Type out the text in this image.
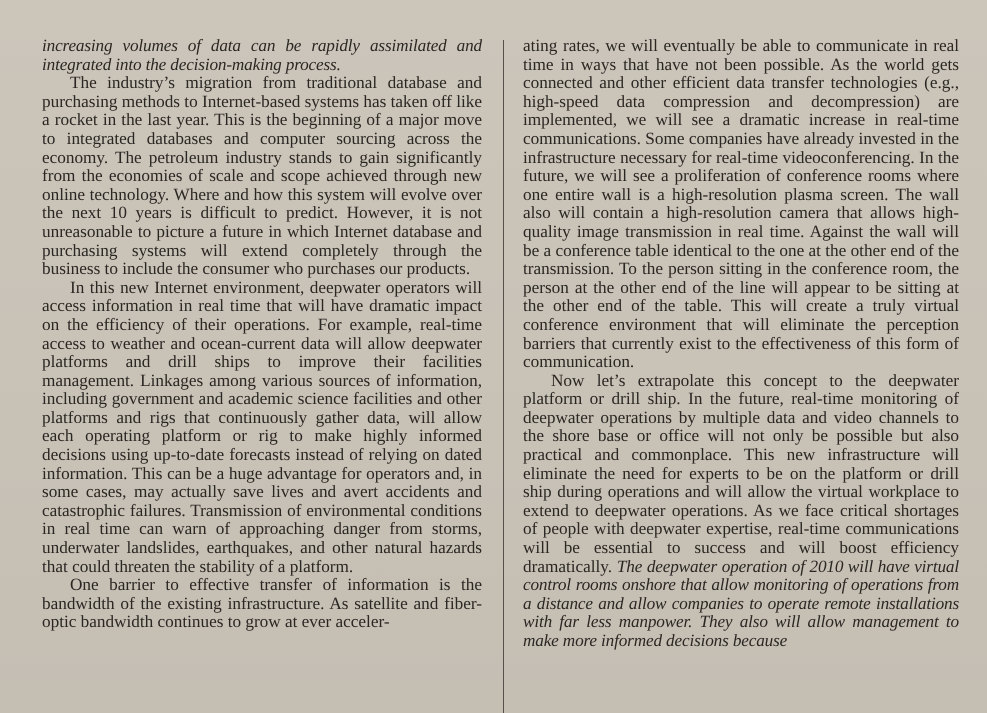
increasing volumes of data can be rapidly assimilated and integrated into the decision-making process.

The industry’s migration from traditional database and purchasing methods to Internet-based systems has taken off like a rocket in the last year. This is the beginning of a major move to integrated databases and computer sourcing across the economy. The petroleum industry stands to gain significantly from the economies of scale and scope achieved through new online technology. Where and how this system will evolve over the next 10 years is difficult to predict. However, it is not unreasonable to picture a future in which Internet database and purchasing systems will extend completely through the business to include the consumer who purchases our products.

In this new Internet environment, deepwater operators will access information in real time that will have dramatic impact on the efficiency of their operations. For example, real-time access to weather and ocean-current data will allow deepwater platforms and drill ships to improve their facilities management. Linkages among various sources of information, including government and academic science facilities and other platforms and rigs that continuously gather data, will allow each operating platform or rig to make highly informed decisions using up-to-date forecasts instead of relying on dated information. This can be a huge advantage for operators and, in some cases, may actually save lives and avert accidents and catastrophic failures. Transmission of environmental conditions in real time can warn of approaching danger from storms, underwater landslides, earthquakes, and other natural hazards that could threaten the stability of a platform.

One barrier to effective transfer of information is the bandwidth of the existing infrastructure. As satellite and fiber-optic bandwidth continues to grow at ever acceler-

ating rates, we will eventually be able to communicate in real time in ways that have not been possible. As the world gets connected and other efficient data transfer technologies (e.g., high-speed data compression and decompression) are implemented, we will see a dramatic increase in real-time communications. Some companies have already invested in the infrastructure necessary for real-time videoconferencing. In the future, we will see a proliferation of conference rooms where one entire wall is a high-resolution plasma screen. The wall also will contain a high-resolution camera that allows high-quality image transmission in real time. Against the wall will be a conference table identical to the one at the other end of the transmission. To the person sitting in the conference room, the person at the other end of the line will appear to be sitting at the other end of the table. This will create a truly virtual conference environment that will eliminate the perception barriers that currently exist to the effectiveness of this form of communication.

Now let’s extrapolate this concept to the deepwater platform or drill ship. In the future, real-time monitoring of deepwater operations by multiple data and video channels to the shore base or office will not only be possible but also practical and commonplace. This new infrastructure will eliminate the need for experts to be on the platform or drill ship during operations and will allow the virtual workplace to extend to deepwater operations. As we face critical shortages of people with deepwater expertise, real-time communications will be essential to success and will boost efficiency dramatically. The deepwater operation of 2010 will have virtual control rooms onshore that allow monitoring of operations from a distance and allow companies to operate remote installations with far less manpower. They also will allow management to make more informed decisions because
